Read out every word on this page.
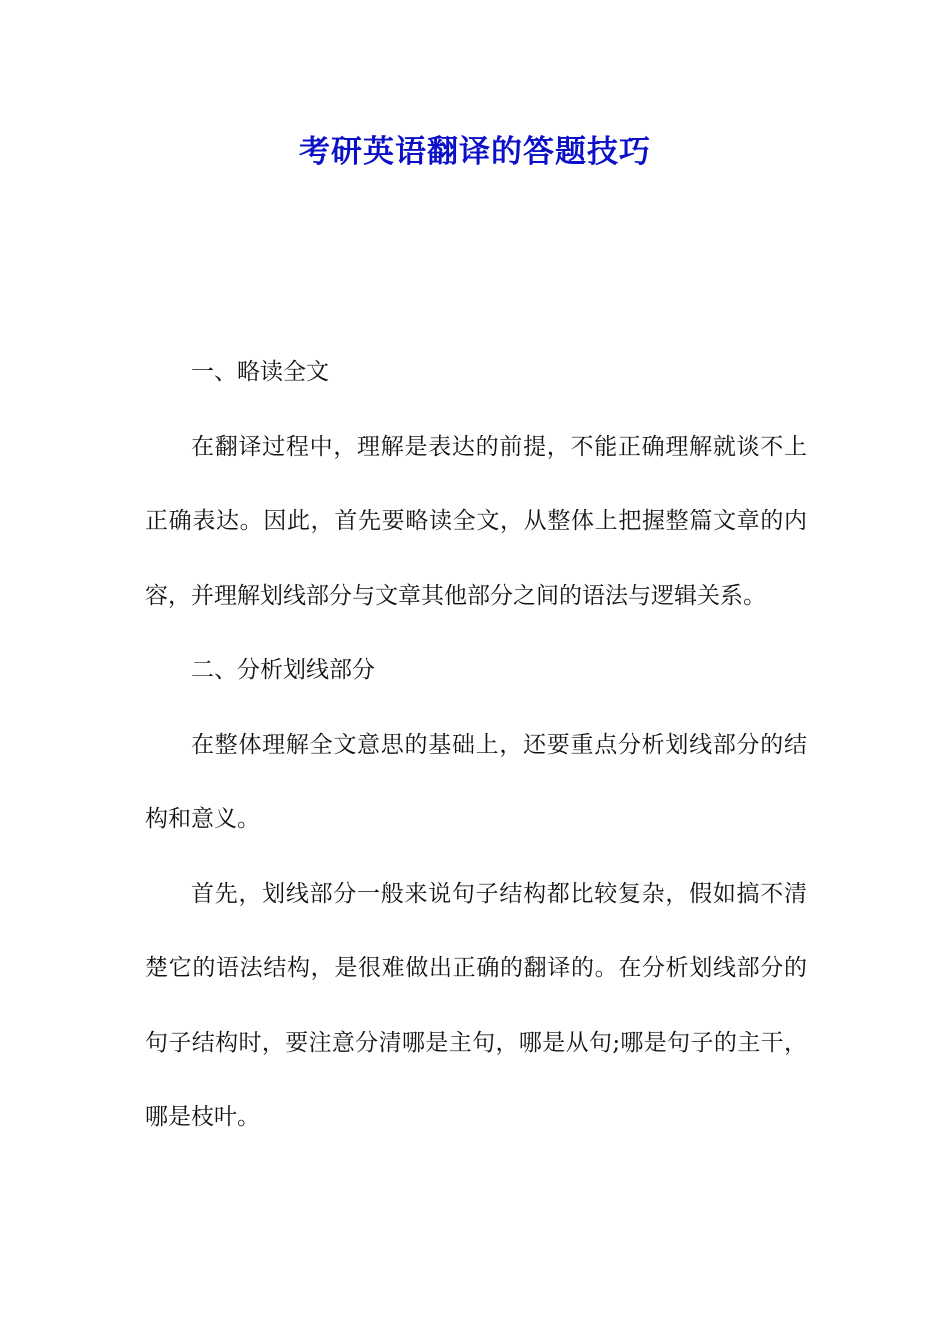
考研英语翻译的答题技巧

一、略读全文

在翻译过程中，理解是表达的前提，不能正确理解就谈不上正确表达。因此，首先要略读全文，从整体上把握整篇文章的内容，并理解划线部分与文章其他部分之间的语法与逻辑关系。

二、分析划线部分

在整体理解全文意思的基础上，还要重点分析划线部分的结构和意义。

首先，划线部分一般来说句子结构都比较复杂，假如搞不清楚它的语法结构，是很难做出正确的翻译的。在分析划线部分的句子结构时，要注意分清哪是主句，哪是从句;哪是句子的主干，哪是枝叶。
